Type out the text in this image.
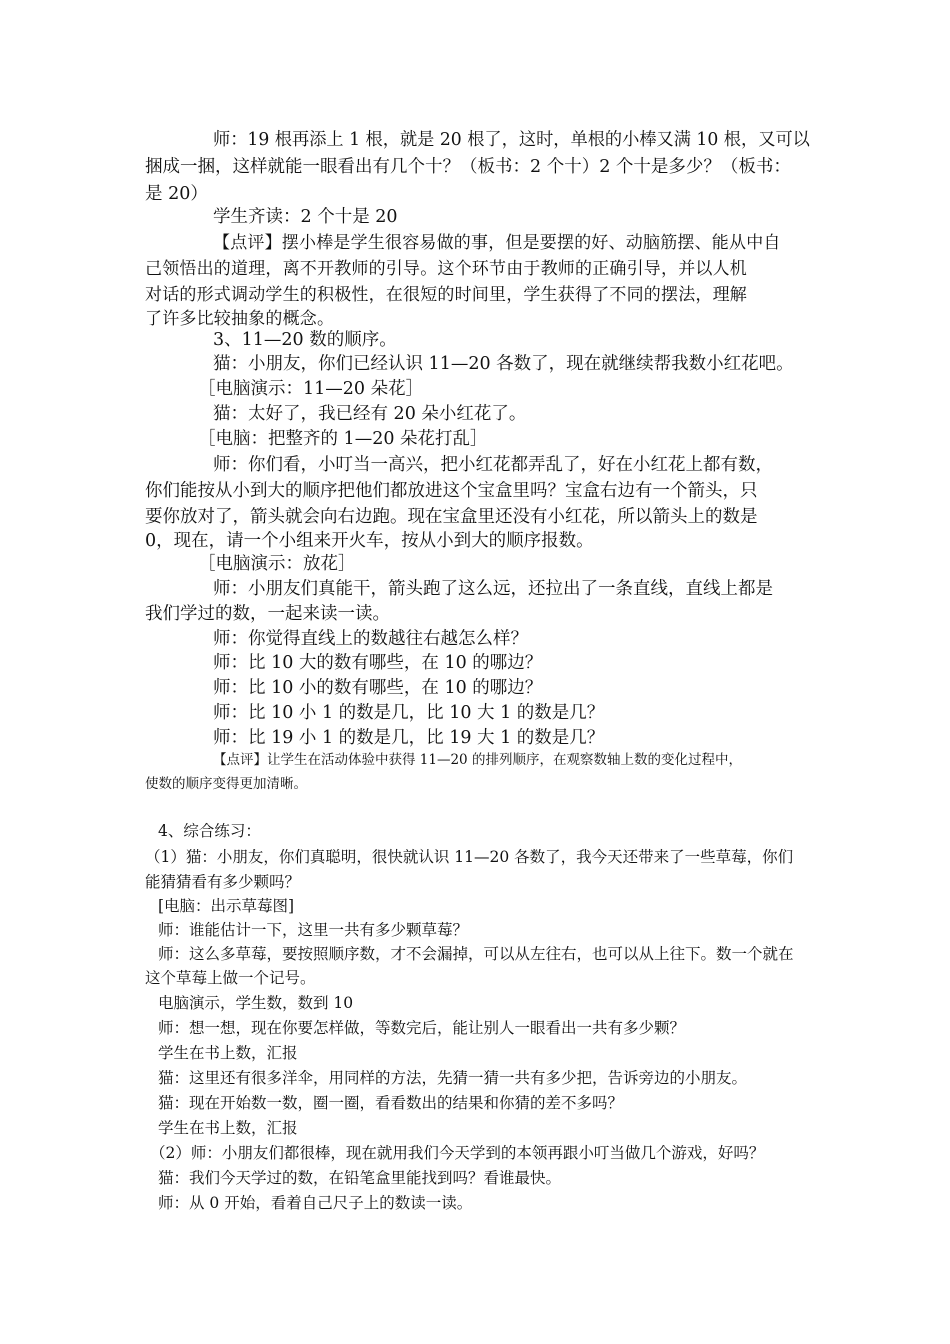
师：19 根再添上 1 根，就是 20 根了，这时，单根的小棒又满 10 根，又可以
捆成一捆，这样就能一眼看出有几个十？（板书：2 个十）2 个十是多少？（板书：
是 20）
学生齐读：2 个十是 20
【点评】摆小棒是学生很容易做的事，但是要摆的好、动脑筋摆、能从中自
己领悟出的道理，离不开教师的引导。这个环节由于教师的正确引导，并以人机
对话的形式调动学生的积极性，在很短的时间里，学生获得了不同的摆法，理解
了许多比较抽象的概念。
3、11—20 数的顺序。
猫：小朋友，你们已经认识 11—20 各数了，现在就继续帮我数小红花吧。
［电脑演示：11—20 朵花］
猫：太好了，我已经有 20 朵小红花了。
［电脑：把整齐的 1—20 朵花打乱］
师：你们看，小叮当一高兴，把小红花都弄乱了，好在小红花上都有数，
你们能按从小到大的顺序把他们都放进这个宝盒里吗？宝盒右边有一个箭头，只
要你放对了，箭头就会向右边跑。现在宝盒里还没有小红花，所以箭头上的数是
0，现在，请一个小组来开火车，按从小到大的顺序报数。
［电脑演示：放花］
师：小朋友们真能干，箭头跑了这么远，还拉出了一条直线，直线上都是
我们学过的数，一起来读一读。
师：你觉得直线上的数越往右越怎么样？
师：比 10 大的数有哪些，在 10 的哪边？
师：比 10 小的数有哪些，在 10 的哪边？
师：比 10 小 1 的数是几，比 10 大 1 的数是几？
师：比 19 小 1 的数是几，比 19 大 1 的数是几？
【点评】让学生在活动体验中获得 11—20 的排列顺序，在观察数轴上数的变化过程中，
使数的顺序变得更加清晰。
4、综合练习：
（1）猫：小朋友，你们真聪明，很快就认识 11—20 各数了，我今天还带来了一些草莓，你们
能猜猜看有多少颗吗？
[电脑：出示草莓图]
师：谁能估计一下，这里一共有多少颗草莓？
师：这么多草莓，要按照顺序数，才不会漏掉，可以从左往右，也可以从上往下。数一个就在
这个草莓上做一个记号。
电脑演示，学生数，数到 10
师：想一想，现在你要怎样做，等数完后，能让别人一眼看出一共有多少颗？
学生在书上数，汇报
猫：这里还有很多洋伞，用同样的方法，先猜一猜一共有多少把，告诉旁边的小朋友。
猫：现在开始数一数，圈一圈，看看数出的结果和你猜的差不多吗？
学生在书上数，汇报
（2）师：小朋友们都很棒，现在就用我们今天学到的本领再跟小叮当做几个游戏，好吗？
猫：我们今天学过的数，在铅笔盒里能找到吗？看谁最快。
师：从 0 开始，看着自己尺子上的数读一读。
